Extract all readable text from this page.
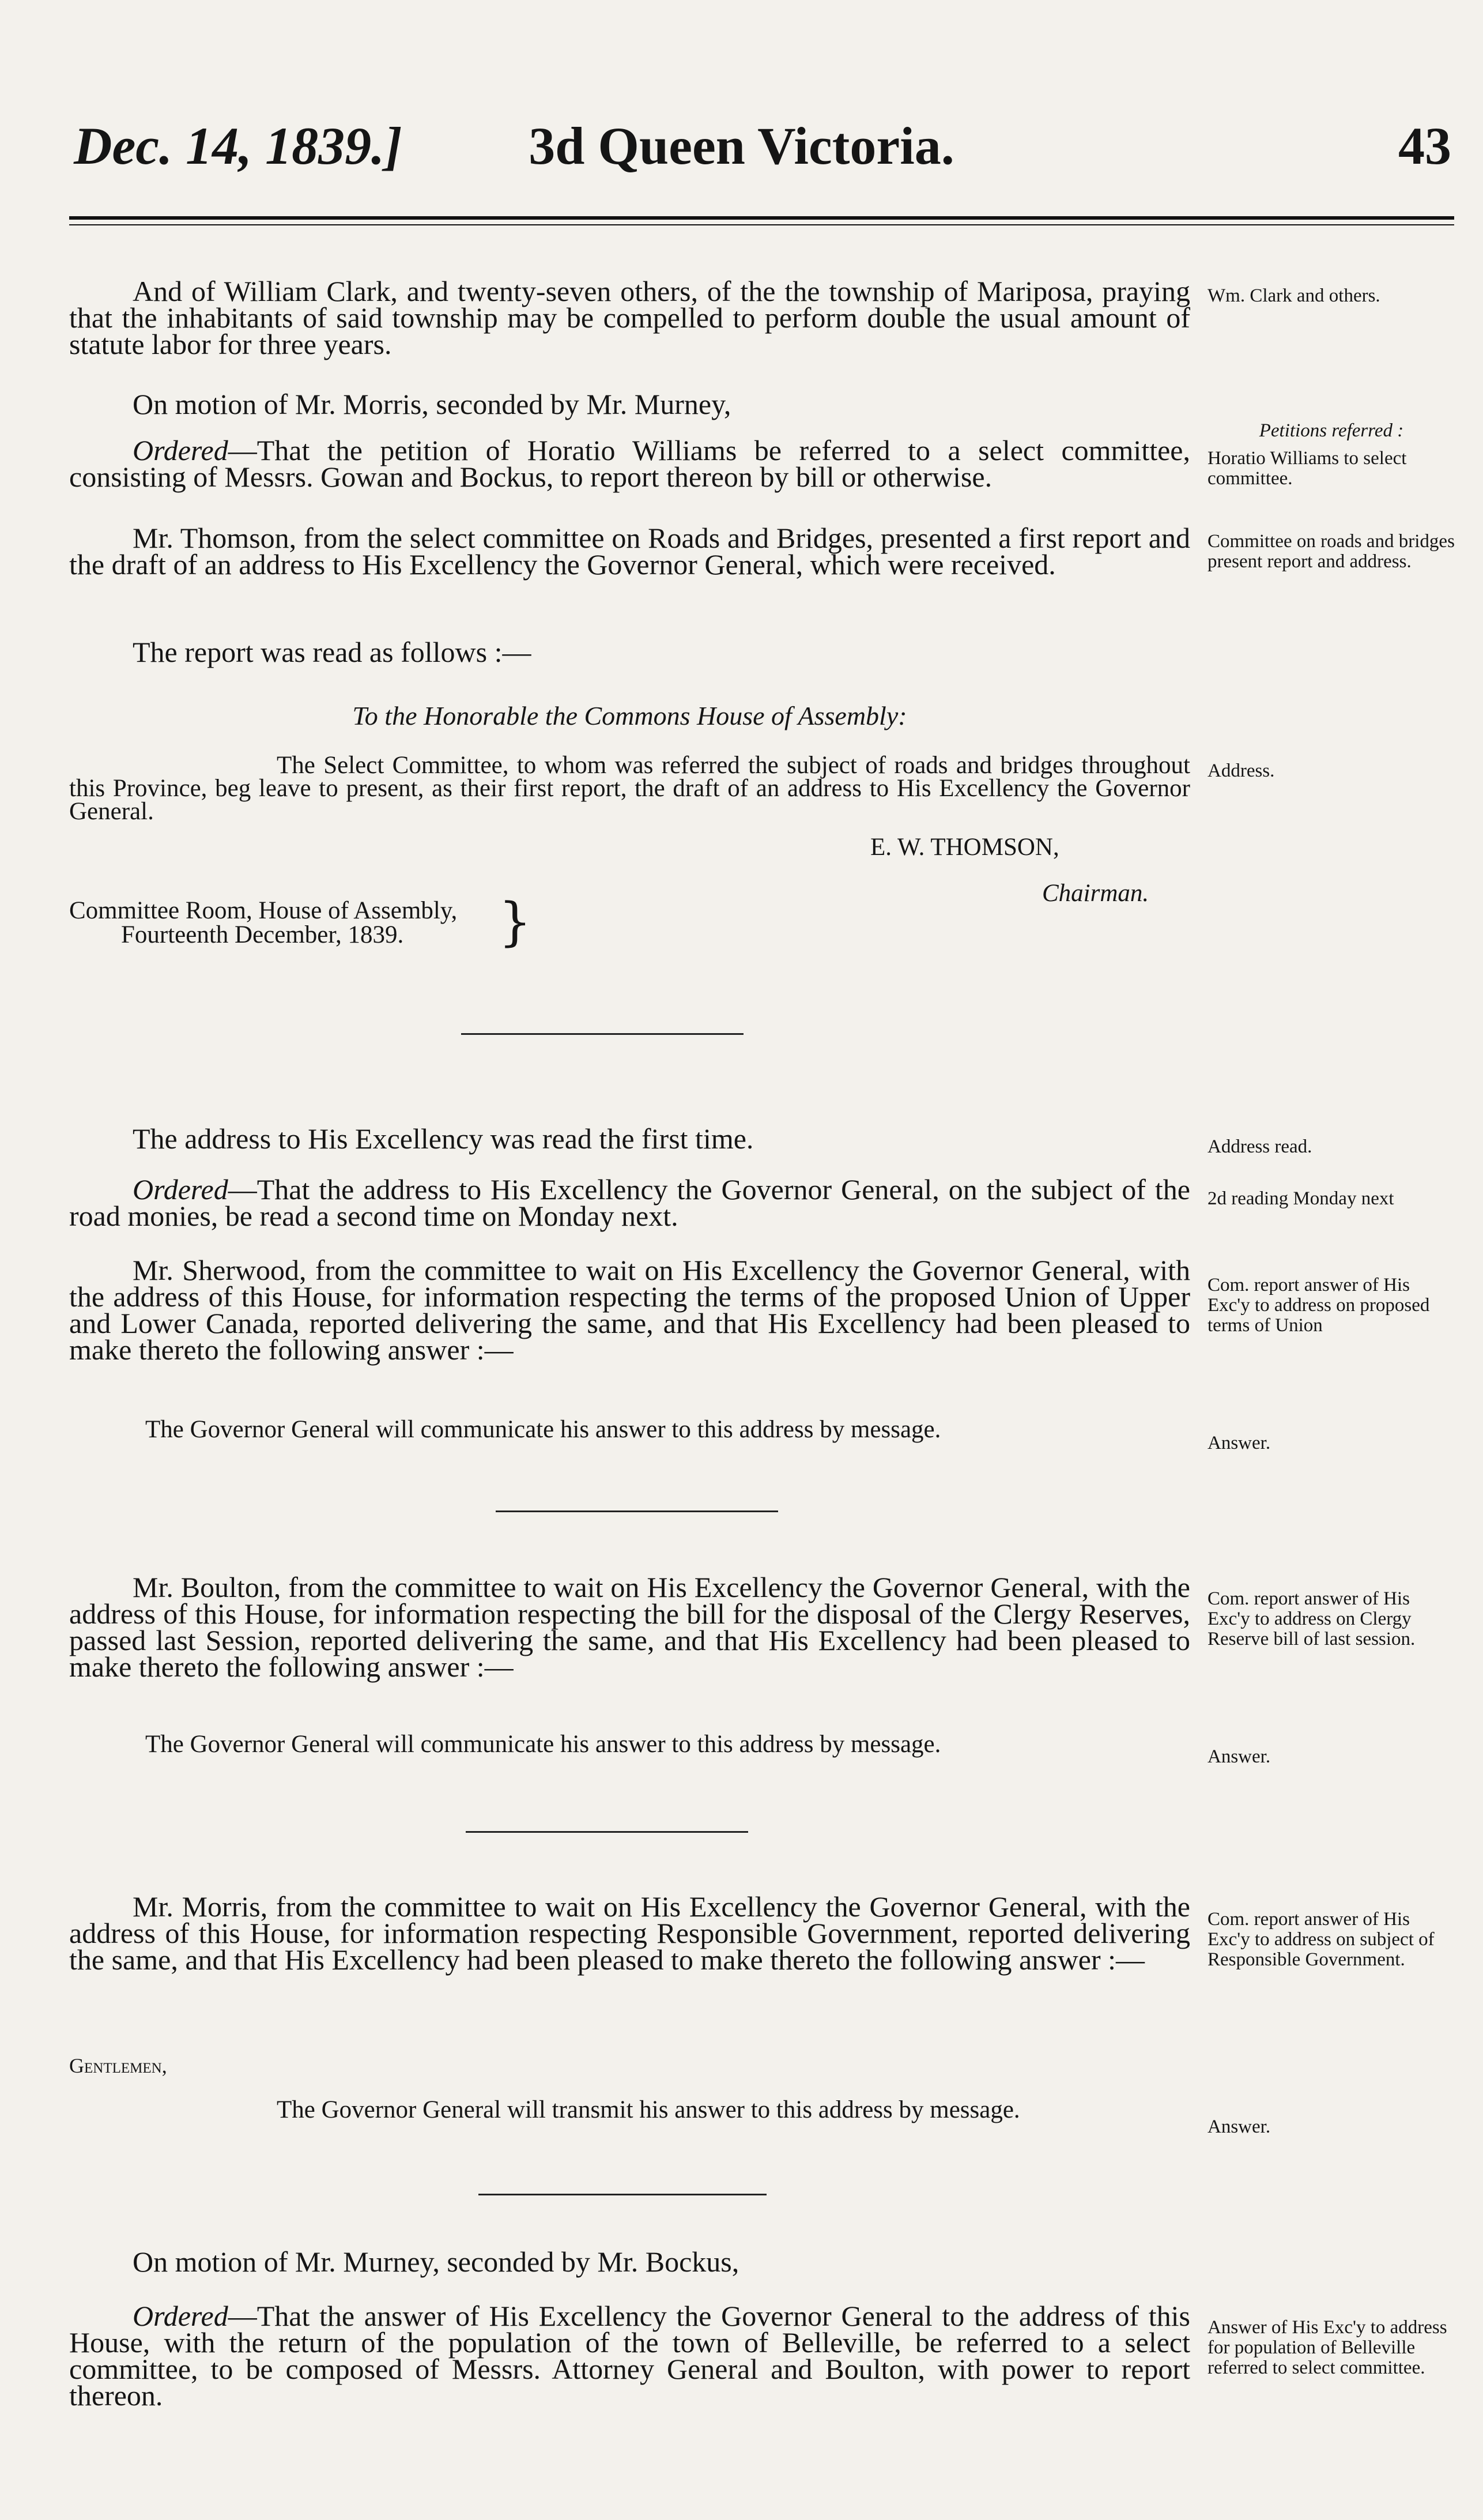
Dec. 14, 1839.]	3d Queen Victoria.	43

And of William Clark, and twenty-seven others, of the the township of Mariposa, praying that the inhabitants of said township may be compelled to perform double the usual amount of statute labor for three years.

Wm. Clark and others.

On motion of Mr. Morris, seconded by Mr. Murney,

Ordered—That the petition of Horatio Williams be referred to a select committee, consisting of Messrs. Gowan and Bockus, to report thereon by bill or otherwise.

Petitions referred :
Horatio Williams to select committee.

Mr. Thomson, from the select committee on Roads and Bridges, presented a first report and the draft of an address to His Excellency the Governor General, which were received.

Committee on roads and bridges present report and address.

The report was read as follows :—

To the Honorable the Commons House of Assembly:

The Select Committee, to whom was referred the subject of roads and bridges throughout this Province, beg leave to present, as their first report, the draft of an address to His Excellency the Governor General.

Address.
E. W. THOMSON,
Chairman.
Committee Room, House of Assembly,
Fourteenth December, 1839. }

The address to His Excellency was read the first time.	Address read.

Ordered—That the address to His Excellency the Governor General, on the subject of the road monies, be read a second time on Monday next.

2d reading Monday next

Mr. Sherwood, from the committee to wait on His Excellency the Governor General, with the address of this House, for information respecting the terms of the proposed Union of Upper and Lower Canada, reported delivering the same, and that His Excellency had been pleased to make thereto the following answer :—

Com. report answer of His Exc'y to address on proposed terms of Union

The Governor General will communicate his answer to this address by message.	Answer.

Mr. Boulton, from the committee to wait on His Excellency the Governor General, with the address of this House, for information respecting the bill for the disposal of the Clergy Reserves, passed last Session, reported delivering the same, and that His Excellency had been pleased to make thereto the following answer :—

Com. report answer of His Exc'y to address on Clergy Reserve bill of last session.

The Governor General will communicate his answer to this address by message.	Answer.

Mr. Morris, from the committee to wait on His Excellency the Governor General, with the address of this House, for information respecting Responsible Government, reported delivering the same, and that His Excellency had been pleased to make thereto the following answer :—

Com. report answer of His Exc'y to address on subject of Responsible Government.
Gentlemen,

The Governor General will transmit his answer to this address by message.

Answer.

On motion of Mr. Murney, seconded by Mr. Bockus,

Ordered—That the answer of His Excellency the Governor General to the address of this House, with the return of the population of the town of Belleville, be referred to a select committee, to be composed of Messrs. Attorney General and Boulton, with power to report thereon.

Answer of His Exc'y to address for population of Belleville referred to select committee.
